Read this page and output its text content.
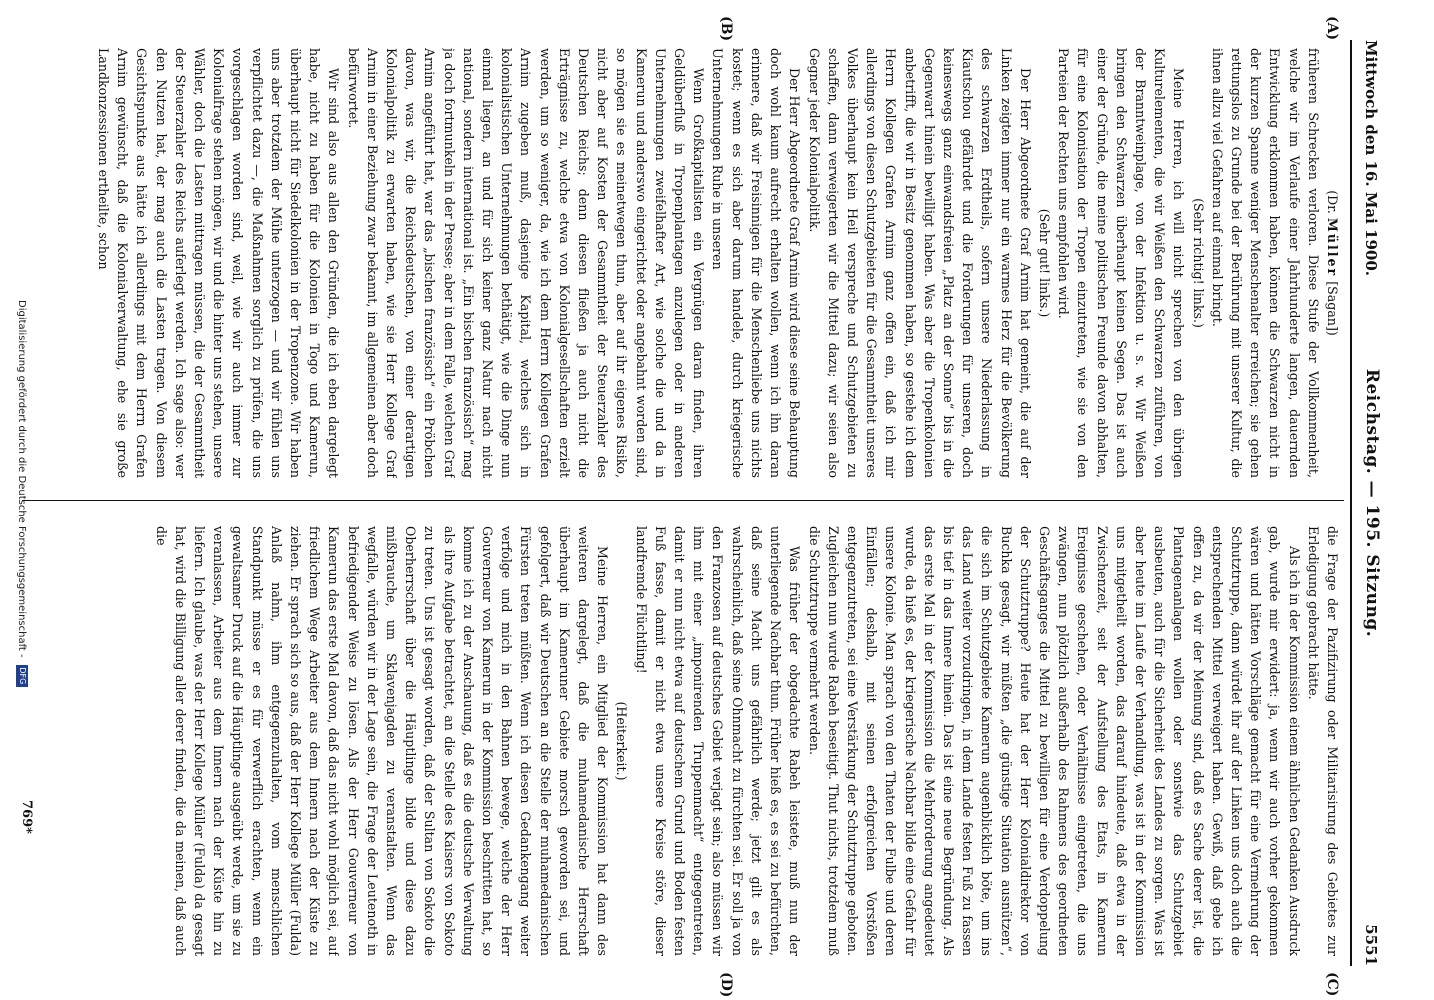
Mittwoch den 16. Mai 1900.
Reichstag. — 195. Sitzung.
5551
(A)
(B)
(C)
(D)

(Dr. Müller [Sagan])

früheren Schrecken verloren. Diese Stufe der Vollkommenheit, welche wir im Verlaufe einer Jahrhunderte langen, dauernden Entwicklung erklommen haben, können die Schwarzen nicht in der kurzen Spanne weniger Menschenalter erreichen; sie gehen rettungslos zu Grunde bei der Berührung mit unserer Kultur, die ihnen allzu viel Gefahren auf einmal bringt.

(Sehr richtig! links.)

Meine Herren, ich will nicht sprechen von den übrigen Kulturelementen, die wir Weißen den Schwarzen zuführen, von der Branntweinplage, von der Infektion u. s. w. Wir Weißen bringen den Schwarzen überhaupt keinen Segen. Das ist auch einer der Gründe, die meine politischen Freunde davon abhalten, für eine Kolonisation der Tropen einzutreten, wie sie von den Parteien der Rechten uns empfohlen wird.

(Sehr gut! links.)

Der Herr Abgeordnete Graf Arnim hat gemeint, die auf der Linken zeigten immer nur ein warmes Herz für die Bevölkerung des schwarzen Erdtheils, sofern unsere Niederlassung in Kiautschou gefährdet und die Forderungen für unseren, doch keineswegs ganz einwandsfreien „Platz an der Sonne“ bis in die Gegenwart hinein bewilligt haben. Was aber die Tropenkolonien anbetrifft, die wir in Besitz genommen haben, so gestehe ich dem Herrn Kollegen Grafen Arnim ganz offen ein, daß ich mir allerdings von diesen Schutzgebieten für die Gesammtheit unseres Volkes überhaupt kein Heil verspreche und Schutzgebieten zu schaffen, dann verweigerten wir die Mittel dazu; wir seien also Gegner jeder Kolonialpolitik.

Der Herr Abgeordnete Graf Arnim wird diese seine Behauptung doch wohl kaum aufrecht erhalten wollen, wenn ich ihn daran erinnere, daß wir Freisinnigen für die Menschenliebe uns nichts kostet; wenn es sich aber darum handele, durch kriegerische Unternehmungen Ruhe in unseren

Wenn Großkapitalisten ein Vergnügen daran finden, ihren Geldüberfluß in Tropenplantagen anzulegen oder in anderen Unternehmungen zweifelhafter Art, wie solche die und da in Kamerun und anderswo eingerichtet oder angebahnt worden sind, so mögen sie es meinetwegen thun, aber auf ihr eigenes Risiko, nicht aber auf Kosten der Gesammtheit der Steuerzahler des Deutschen Reichs; denn diesen fließen ja auch nicht die Erträgnisse zu, welche etwa von Kolonialgesellschaften erzielt werden, um so weniger, da, wie ich dem Herrn Kollegen Grafen Arnim zugeben muß, dasjenige Kapital, welches sich in kolonialistischen Unternehmungen bethätigt, wie die Dinge nun einmal liegen, an und für sich keiner ganz Natur nach nicht national, sondern international ist. „Ein bischen französisch“ mag ja doch fortmunkeln in der Presse; aber in dem Falle, welchen Graf Arnim angeführt hat, war das „bischen französisch“ ein Pröbchen davon, was wir, die Reichsdeutschen, von einer derartigen Kolonialpolitik zu erwarten haben, wie sie Herr Kollege Graf Arnim in einer Beziehung zwar bekannt, im allgemeinen aber doch befürwortet.

Wir sind also aus allen den Gründen, die ich eben dargelegt habe, nicht zu haben für die Kolonien in Togo und Kamerun, überhaupt nicht für Siedelkolonien in der Tropenzone. Wir haben uns aber trotzdem der Mühe unterzogen — und wir fühlen uns verpflichtet dazu —, die Maßnahmen sorglich zu prüfen, die uns vorgeschlagen worden sind, weil, wie wir auch immer zur Kolonialfrage stehen mögen, wir und die hinter uns stehen, unsere Wähler, doch die Lasten mittragen müssen, die der Gesammtheit der Steuerzahler des Reichs auferlegt werden. Ich sage also: wer den Nutzen hat, der mag auch die Lasten tragen. Von diesem Gesichtspunkte aus hätte ich allerdings mit dem Herrn Grafen Arnim gewünscht, daß die Kolonialverwaltung, ehe sie große Landkonzessionen ertheilte, schon

die Frage der Pazifizirung oder Militarisirung des Gebietes zur Erledigung gebracht hätte.

Als ich in der Kommission einem ähnlichen Gedanken Ausdruck gab, wurde mir erwidert: ja, wenn wir auch vorher gekommen wären und hätten Vorschläge gemacht für eine Vermehrung der Schutztruppe, dann würdet ihr auf der Linken uns doch auch die entsprechenden Mittel verweigert haben. Gewiß, daß gebe ich offen zu, da wir der Meinung sind, daß es Sache derer ist, die Plantagenanlagen wollen oder sonstwie das Schutzgebiet ausbeuten, auch für die Sicherheit des Landes zu sorgen. Was ist aber heute im Laufe der Verhandlung, was ist in der Kommission uns mitgetheilt worden, das darauf hindeute, daß etwa in der Zwischenzeit, seit der Aufstellung des Etats, in Kamerun Ereignisse geschehen, oder Verhältnisse eingetreten, die uns zwängen, nun plötzlich außerhalb des Rahmens des geordneten Geschäftsganges die Mittel zu bewilligen für eine Verdoppelung der Schutztruppe? Heute hat der Herr Kolonialdirektor von Buchka gesagt, wir müßten „die günstige Situation ausnützen“, die sich im Schutzgebiete Kamerun augenblicklich böte, um ins das Land weiter vorzudringen, in dem Lande festen Fuß zu fassen bis tief in das Innere hinein. Das ist eine neue Begründung. Als das erste Mal in der Kommission die Mehrforderung angedeutet wurde, da hieß es, der kriegerische Nachbar bilde eine Gefahr für unsere Kolonie. Man sprach von den Thaten der Fulbe und deren Einfällen; deshalb, mit seinen erfolgreichen Vorstößen entgegenzutreten, sei eine Verstärkung der Schutztruppe geboten. Zugleichen nun wurde Rabeh beseitigt. Thut nichts, trotzdem muß die Schutztruppe vermehrt werden.

Was früher der obgedachte Rabeh leistete, muß nun der unterliegende Nachbar thun. Früher hieß es, es sei zu befürchten, daß seine Macht uns gefährlich werde; jetzt gilt es als wahrscheinlich, daß seine Ohnmacht zu fürchten sei. Er soll ja von den Franzosen auf deutsches Gebiet verjagt sein; also müssen wir ihm mit einer „imponirenden Truppenmacht“ entgegentreten, damit er nun nicht etwa auf deutschem Grund und Boden festen Fuß fasse, damit er nicht etwa unsere Kreise störe, dieser landfremde Flüchtling!

(Heiterkeit.)

Meine Herren, ein Mitglied der Kommission hat dann des weiteren dargelegt, daß die muhamedanische Herrschaft überhaupt im Kameruner Gebiete morsch geworden sei, und gefolgert, daß wir Deutschen an die Stelle der muhamedanischen Fürsten treten müßten. Wenn ich diesen Gedankengang weiter verfolge und mich in den Bahnen bewege, welche der Herr Gouverneur von Kamerun in der Kommission beschritten hat, so komme ich zu der Anschauung, daß es die deutsche Verwaltung als ihre Aufgabe betrachtet, an die Stelle des Kaisers von Sokoto zu treten. Uns ist gesagt worden, daß der Sultan von Sokoto die Oberherrschaft über die Häuptlinge bilde und diese dazu mißbrauche, um Sklavenjagden zu veranstalten. Wenn das wegfalle, würden wir in der Lage sein, die Frage der Leutenoth in befriedigender Weise zu lösen. Als der Herr Gouverneur von Kamerun das erste Mal davon, daß das nicht wohl möglich sei, auf friedlichem Wege Arbeiter aus dem Innern nach der Küste zu ziehen. Er sprach sich so aus, daß der Herr Kollege Müller (Fulda) Anlaß nahm, ihm entgegenzuhalten, vom menschlichen Standpunkt müsse er es für verwerflich erachten, wenn ein gewaltsamer Druck auf die Häuptlinge ausgeübt werde, um sie zu veranlassen, Arbeiter aus dem Innern nach der Küste hin zu liefern. Ich glaube, was der Herr Kollege Müller (Fulda) da gesagt hat, wird die Billigung aller derer finden, die da meinen, daß auch die

769*
Digitalisierung gefördert durch die Deutsche Forschungsgemeinschaft - DFG
